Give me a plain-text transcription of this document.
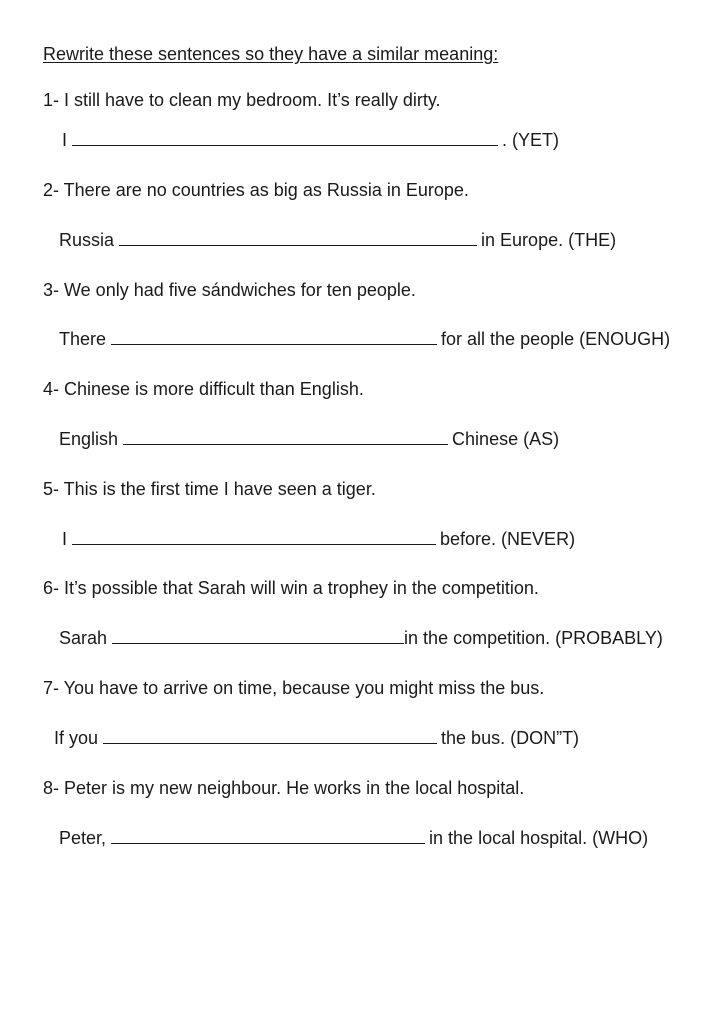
Rewrite these sentences so they have a similar meaning:
1- I still have to clean my bedroom. It’s really dirty.
I	. (YET)
2- There are no countries as big as Russia in Europe.
Russia	in Europe. (THE)
3- We only had five sándwiches for ten people.
There	for all the people (ENOUGH)
4- Chinese is more difficult than English.
English	Chinese (AS)
5- This is the first time I have seen a tiger.
I	before. (NEVER)
6- It’s possible that Sarah will win a trophey in the competition.
Sarah	in the competition. (PROBABLY)
7- You have to arrive on time, because you might miss the bus.
If you	the bus. (DON”T)
8- Peter is my new neighbour. He works in the local hospital.
Peter,	in the local hospital. (WHO)
